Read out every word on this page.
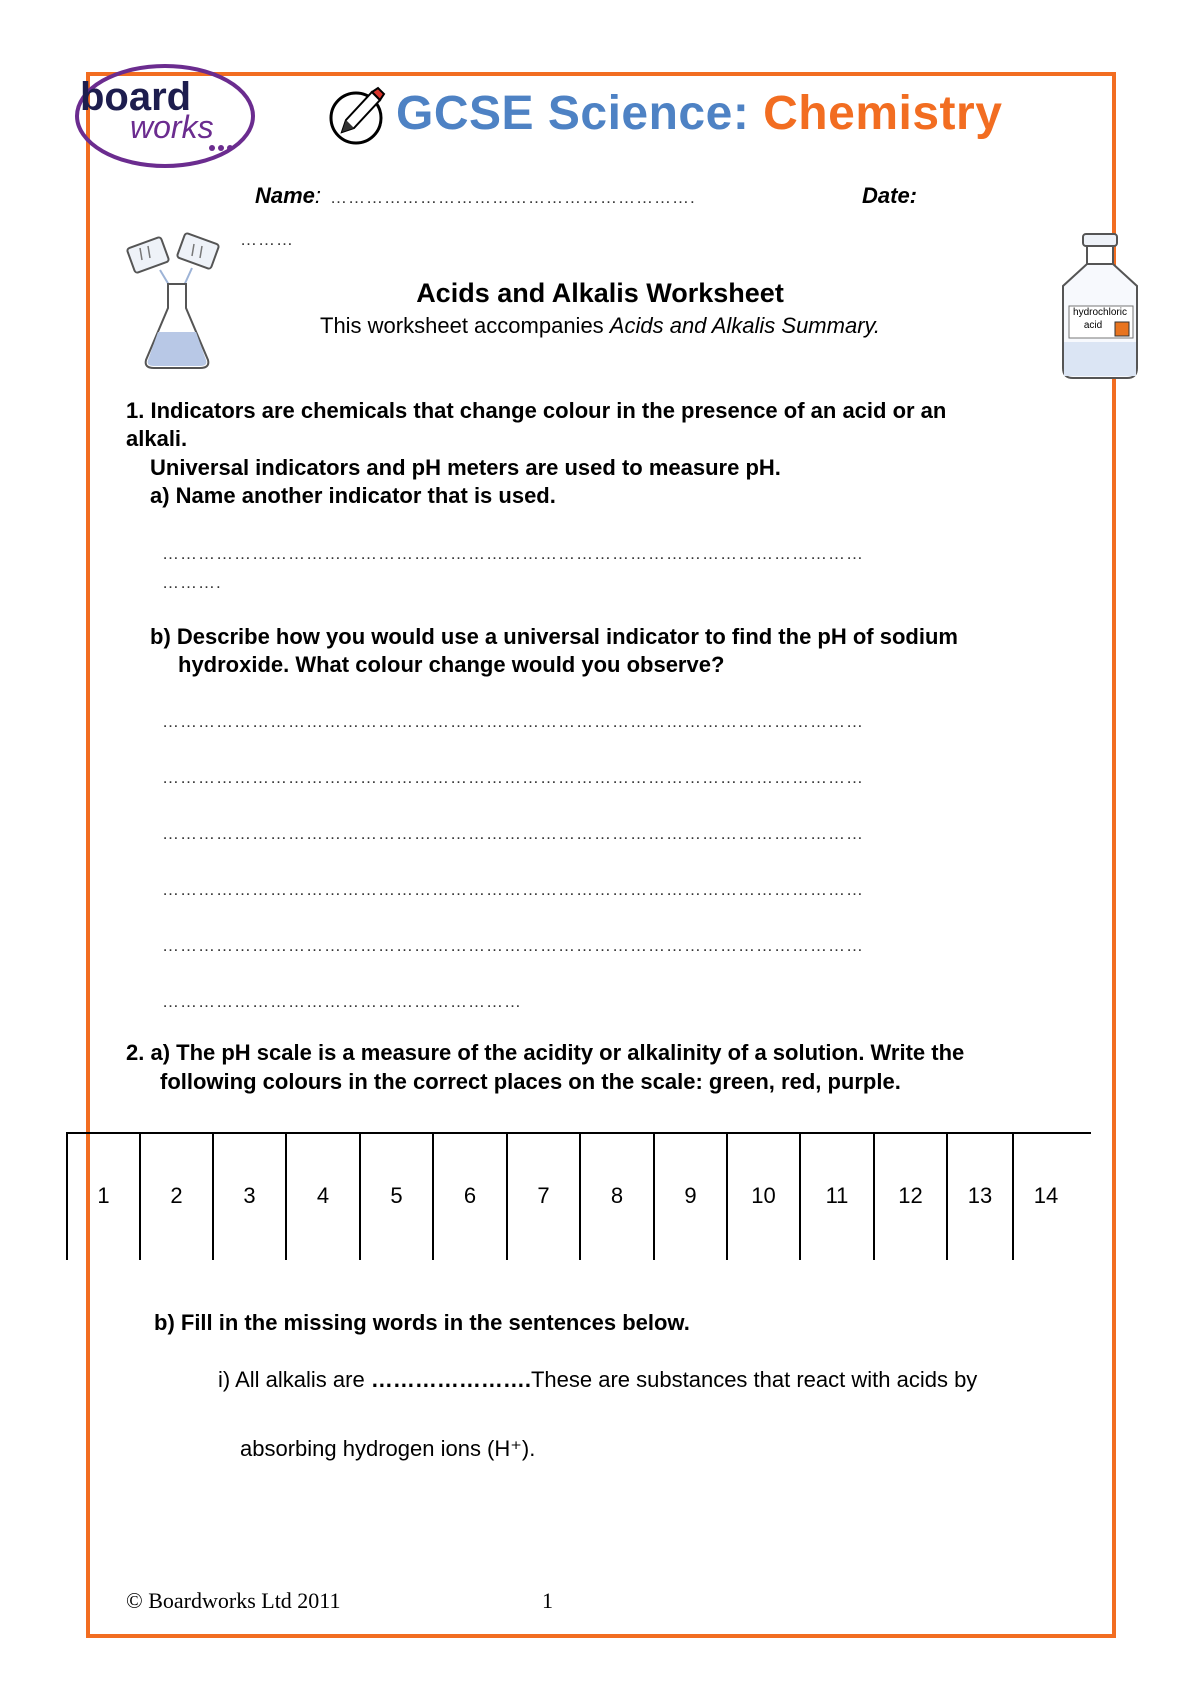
board
works	GCSE Science: Chemistry
Name: …………………………………………………….	Date:
………
hydrochloric
acid
Acids and Alkalis Worksheet
This worksheet accompanies Acids and Alkalis Summary.
1. Indicators are chemicals that change colour in the presence of an acid or an
alkali.
Universal indicators and pH meters are used to measure pH.
a) Name another indicator that is used.
………………………………………………………………………………………………………
……….
b) Describe how you would use a universal indicator to find the pH of sodium
hydroxide. What colour change would you observe?
………………………………………………………………………………………………………
………………………………………………………………………………………………………
………………………………………………………………………………………………………
………………………………………………………………………………………………………
………………………………………………………………………………………………………
……………………………………………………
2. a) The pH scale is a measure of the acidity or alkalinity of a solution. Write the
following colours in the correct places on the scale: green, red, purple.
1	2	3	4	5	6	7	8	9 10 11 12 13 14
b) Fill in the missing words in the sentences below.
i) All alkalis are ………………….These are substances that react with acids by
absorbing hydrogen ions (H⁺).
© Boardworks Ltd 2011	1
